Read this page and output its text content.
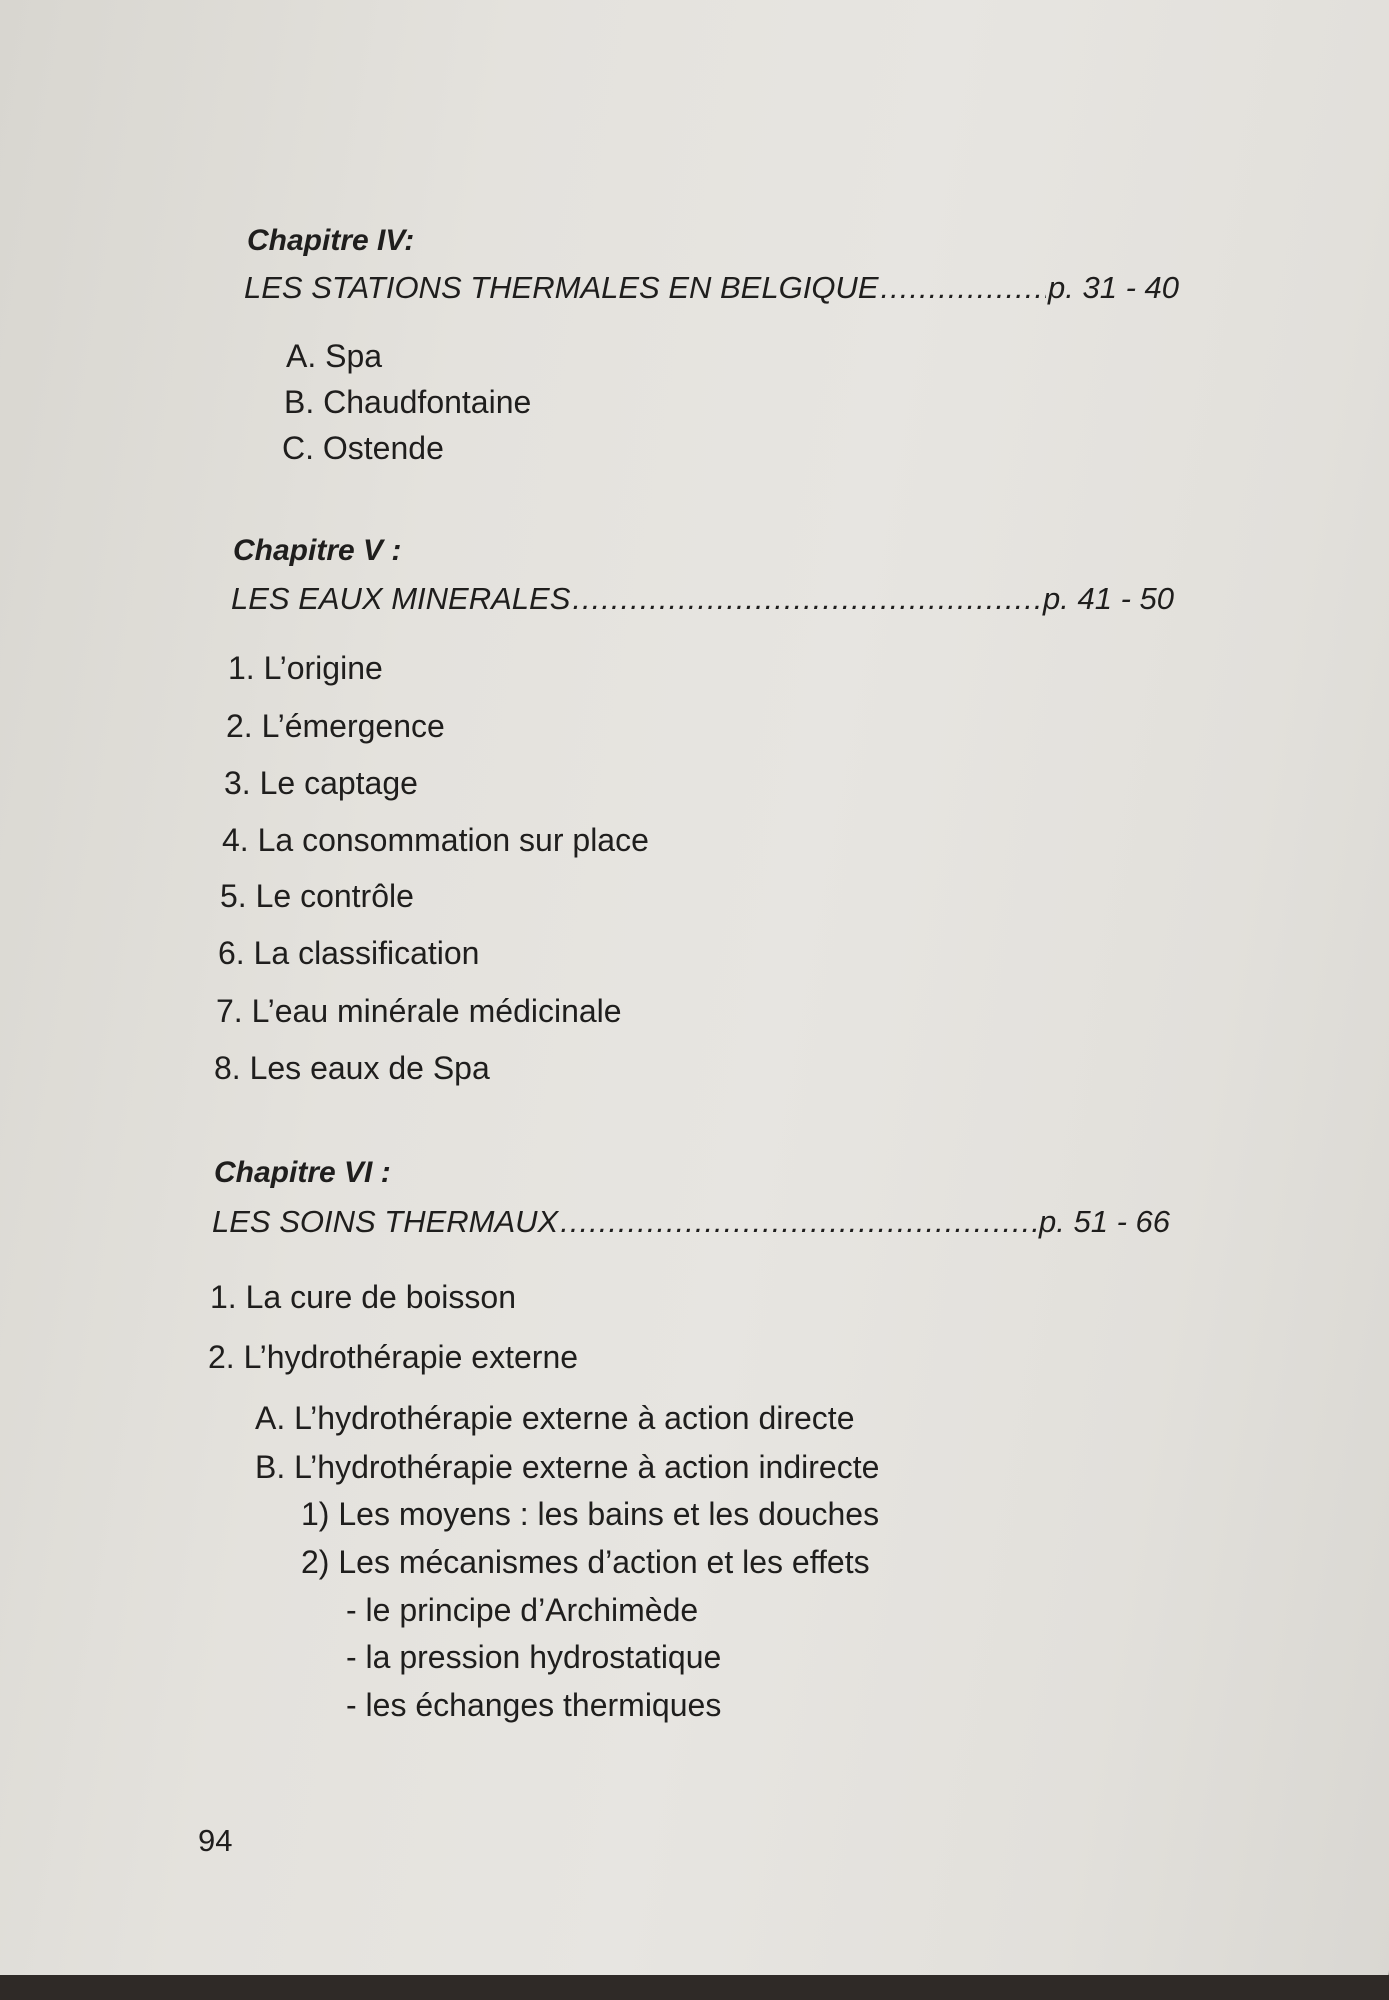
Chapitre IV:
LES STATIONS THERMALES EN BELGIQUE .....	p. 31 - 40
A. Spa
B. Chaudfontaine
C. Ostende
Chapitre V :
LES EAUX MINERALES .....	p. 41 - 50
1. L’origine
2. L’émergence
3. Le captage
4. La consommation sur place
5. Le contrôle
6. La classification
7. L’eau minérale médicinale
8. Les eaux de Spa
Chapitre VI :
LES SOINS THERMAUX .....	p. 51 - 66
1. La cure de boisson
2. L’hydrothérapie externe
A. L’hydrothérapie externe à action directe
B. L’hydrothérapie externe à action indirecte
1) Les moyens : les bains et les douches
2) Les mécanismes d’action et les effets
- le principe d’Archimède
- la pression hydrostatique
- les échanges thermiques
94
